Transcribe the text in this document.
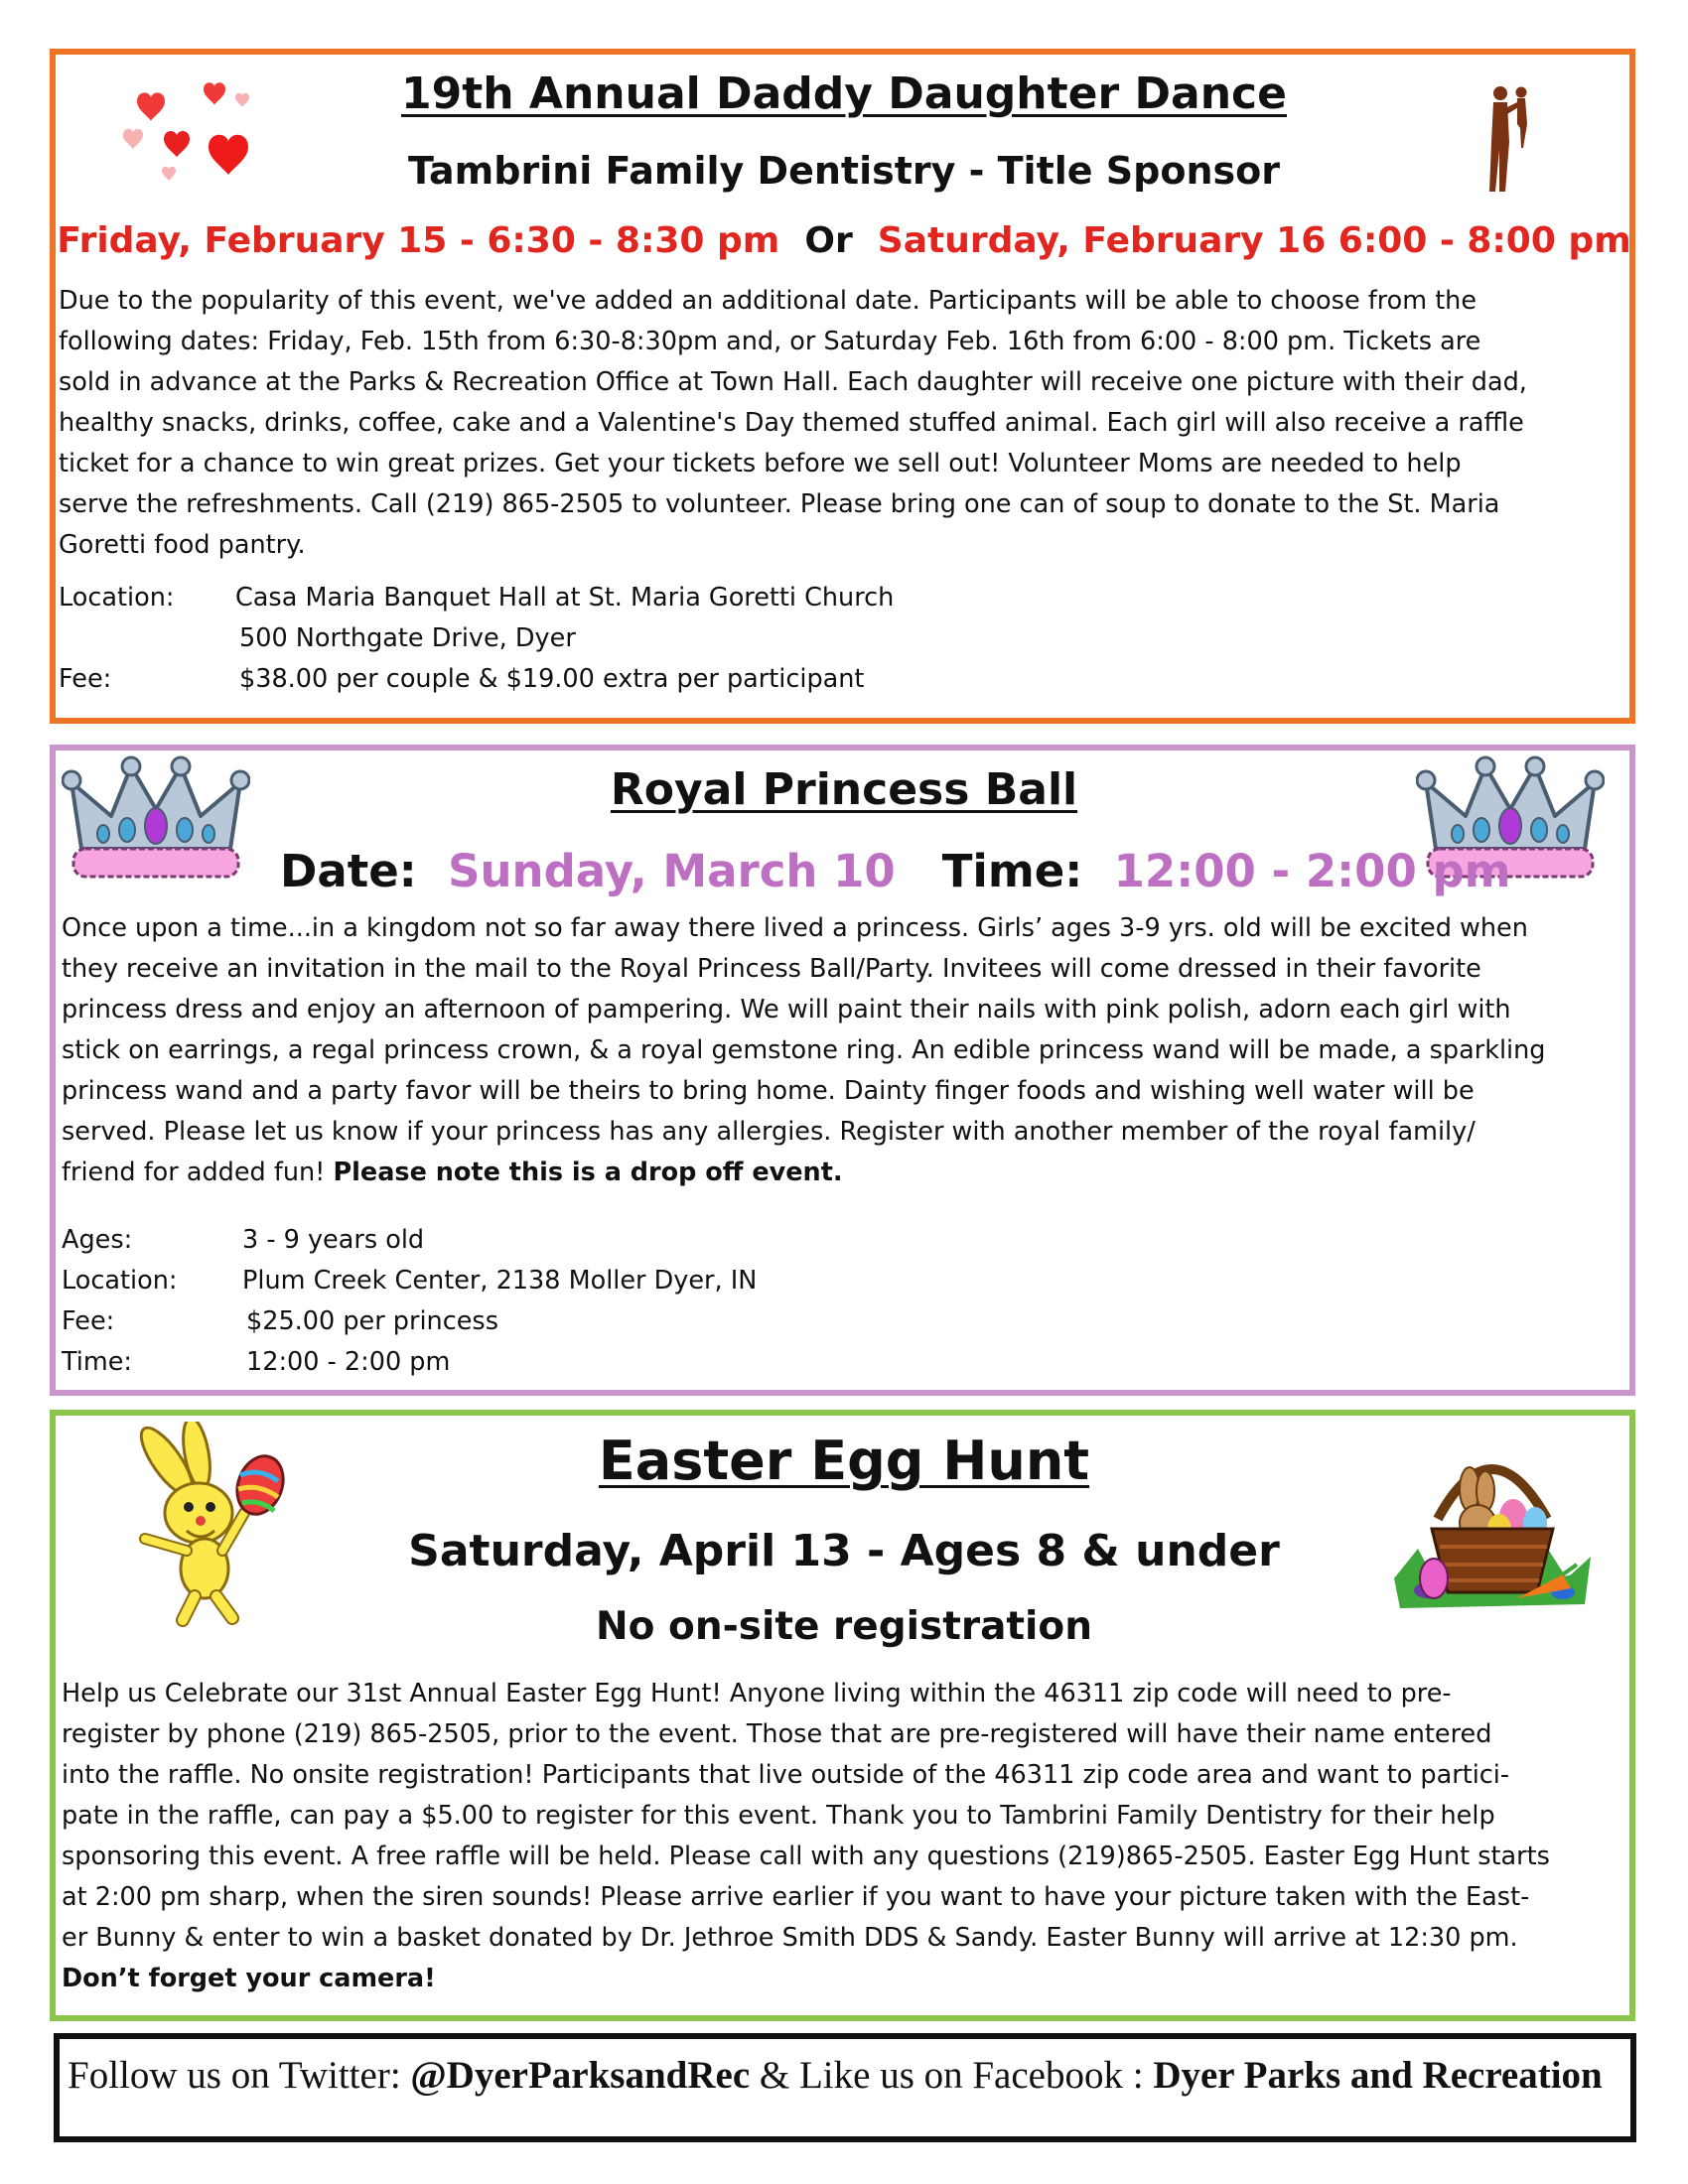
19th Annual Daddy Daughter Dance
Tambrini Family Dentistry - Title Sponsor
Friday, February 15 - 6:30 - 8:30 pm Or Saturday, February 16 6:00 - 8:00 pm
Due to the popularity of this event, we've added an additional date. Participants will be able to choose from the
following dates: Friday, Feb. 15th from 6:30-8:30pm and, or Saturday Feb. 16th from 6:00 - 8:00 pm. Tickets are
sold in advance at the Parks & Recreation Office at Town Hall. Each daughter will receive one picture with their dad,
healthy snacks, drinks, coffee, cake and a Valentine's Day themed stuffed animal. Each girl will also receive a raffle
ticket for a chance to win great prizes. Get your tickets before we sell out! Volunteer Moms are needed to help
serve the refreshments. Call (219) 865-2505 to volunteer. Please bring one can of soup to donate to the St. Maria
Goretti food pantry.
Location: Casa Maria Banquet Hall at St. Maria Goretti Church
500 Northgate Drive, Dyer
Fee:	$38.00 per couple & $19.00 extra per participant
Royal Princess Ball
Date: Sunday, March 10 Time: 12:00 - 2:00 pm
Once upon a time...in a kingdom not so far away there lived a princess. Girls’ ages 3-9 yrs. old will be excited when
they receive an invitation in the mail to the Royal Princess Ball/Party. Invitees will come dressed in their favorite
princess dress and enjoy an afternoon of pampering. We will paint their nails with pink polish, adorn each girl with
stick on earrings, a regal princess crown, & a royal gemstone ring. An edible princess wand will be made, a sparkling
princess wand and a party favor will be theirs to bring home. Dainty finger foods and wishing well water will be
served. Please let us know if your princess has any allergies. Register with another member of the royal family/
friend for added fun! Please note this is a drop off event.
Ages:	3 - 9 years old
Location:	Plum Creek Center, 2138 Moller Dyer, IN
Fee:	$25.00 per princess
Time:	12:00 - 2:00 pm
Easter Egg Hunt
Saturday, April 13 - Ages 8 & under
No on-site registration
Help us Celebrate our 31st Annual Easter Egg Hunt! Anyone living within the 46311 zip code will need to pre-
register by phone (219) 865-2505, prior to the event. Those that are pre-registered will have their name entered
into the raffle. No onsite registration! Participants that live outside of the 46311 zip code area and want to partici-
pate in the raffle, can pay a $5.00 to register for this event. Thank you to Tambrini Family Dentistry for their help
sponsoring this event. A free raffle will be held. Please call with any questions (219)865-2505. Easter Egg Hunt starts
at 2:00 pm sharp, when the siren sounds! Please arrive earlier if you want to have your picture taken with the East-
er Bunny & enter to win a basket donated by Dr. Jethroe Smith DDS & Sandy. Easter Bunny will arrive at 12:30 pm.
Don’t forget your camera!
Follow us on Twitter: @DyerParksandRec & Like us on Facebook : Dyer Parks and Recreation
